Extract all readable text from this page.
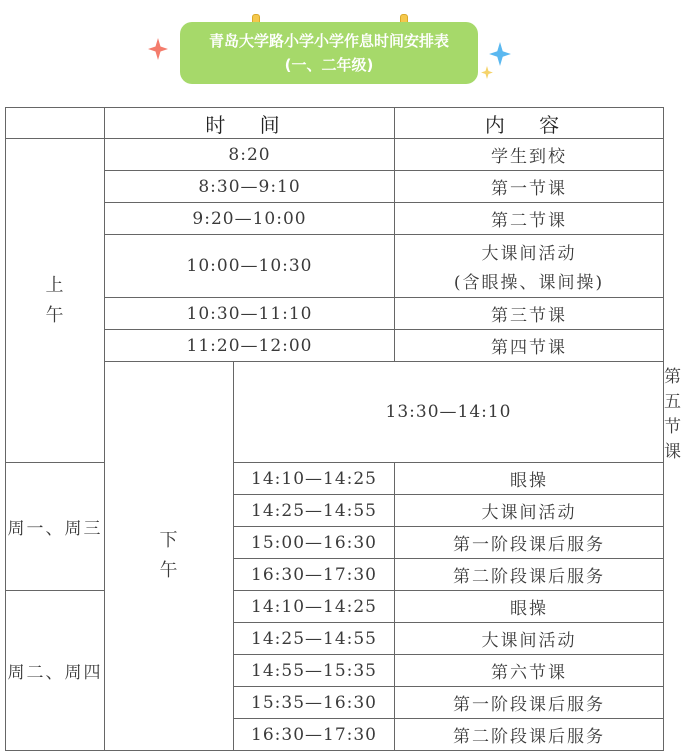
青岛大学路小学小学作息时间安排表
(一、二年级)
	时 间		内 容	

上
午	8:20		学生到校	
	8:30—9:10		第一节课	
	9:20—10:00		第二节课	
	10:00—10:30		大课间活动
(含眼操、课间操)	

	10:30—11:10		第三节课	
	11:20—12:00		第四节课	

	下
午	13:30—14:10		第五节课
周一、周三		14:10—14:25	眼操	
		14:25—14:55	大课间活动	
		15:00—16:30	第一阶段课后服务	
		16:30—17:30	第二阶段课后服务	
周二、周四		14:10—14:25	眼操	
		14:25—14:55	大课间活动	
		14:55—15:35	第六节课	
		15:35—16:30	第一阶段课后服务	
		16:30—17:30	第二阶段课后服务	
